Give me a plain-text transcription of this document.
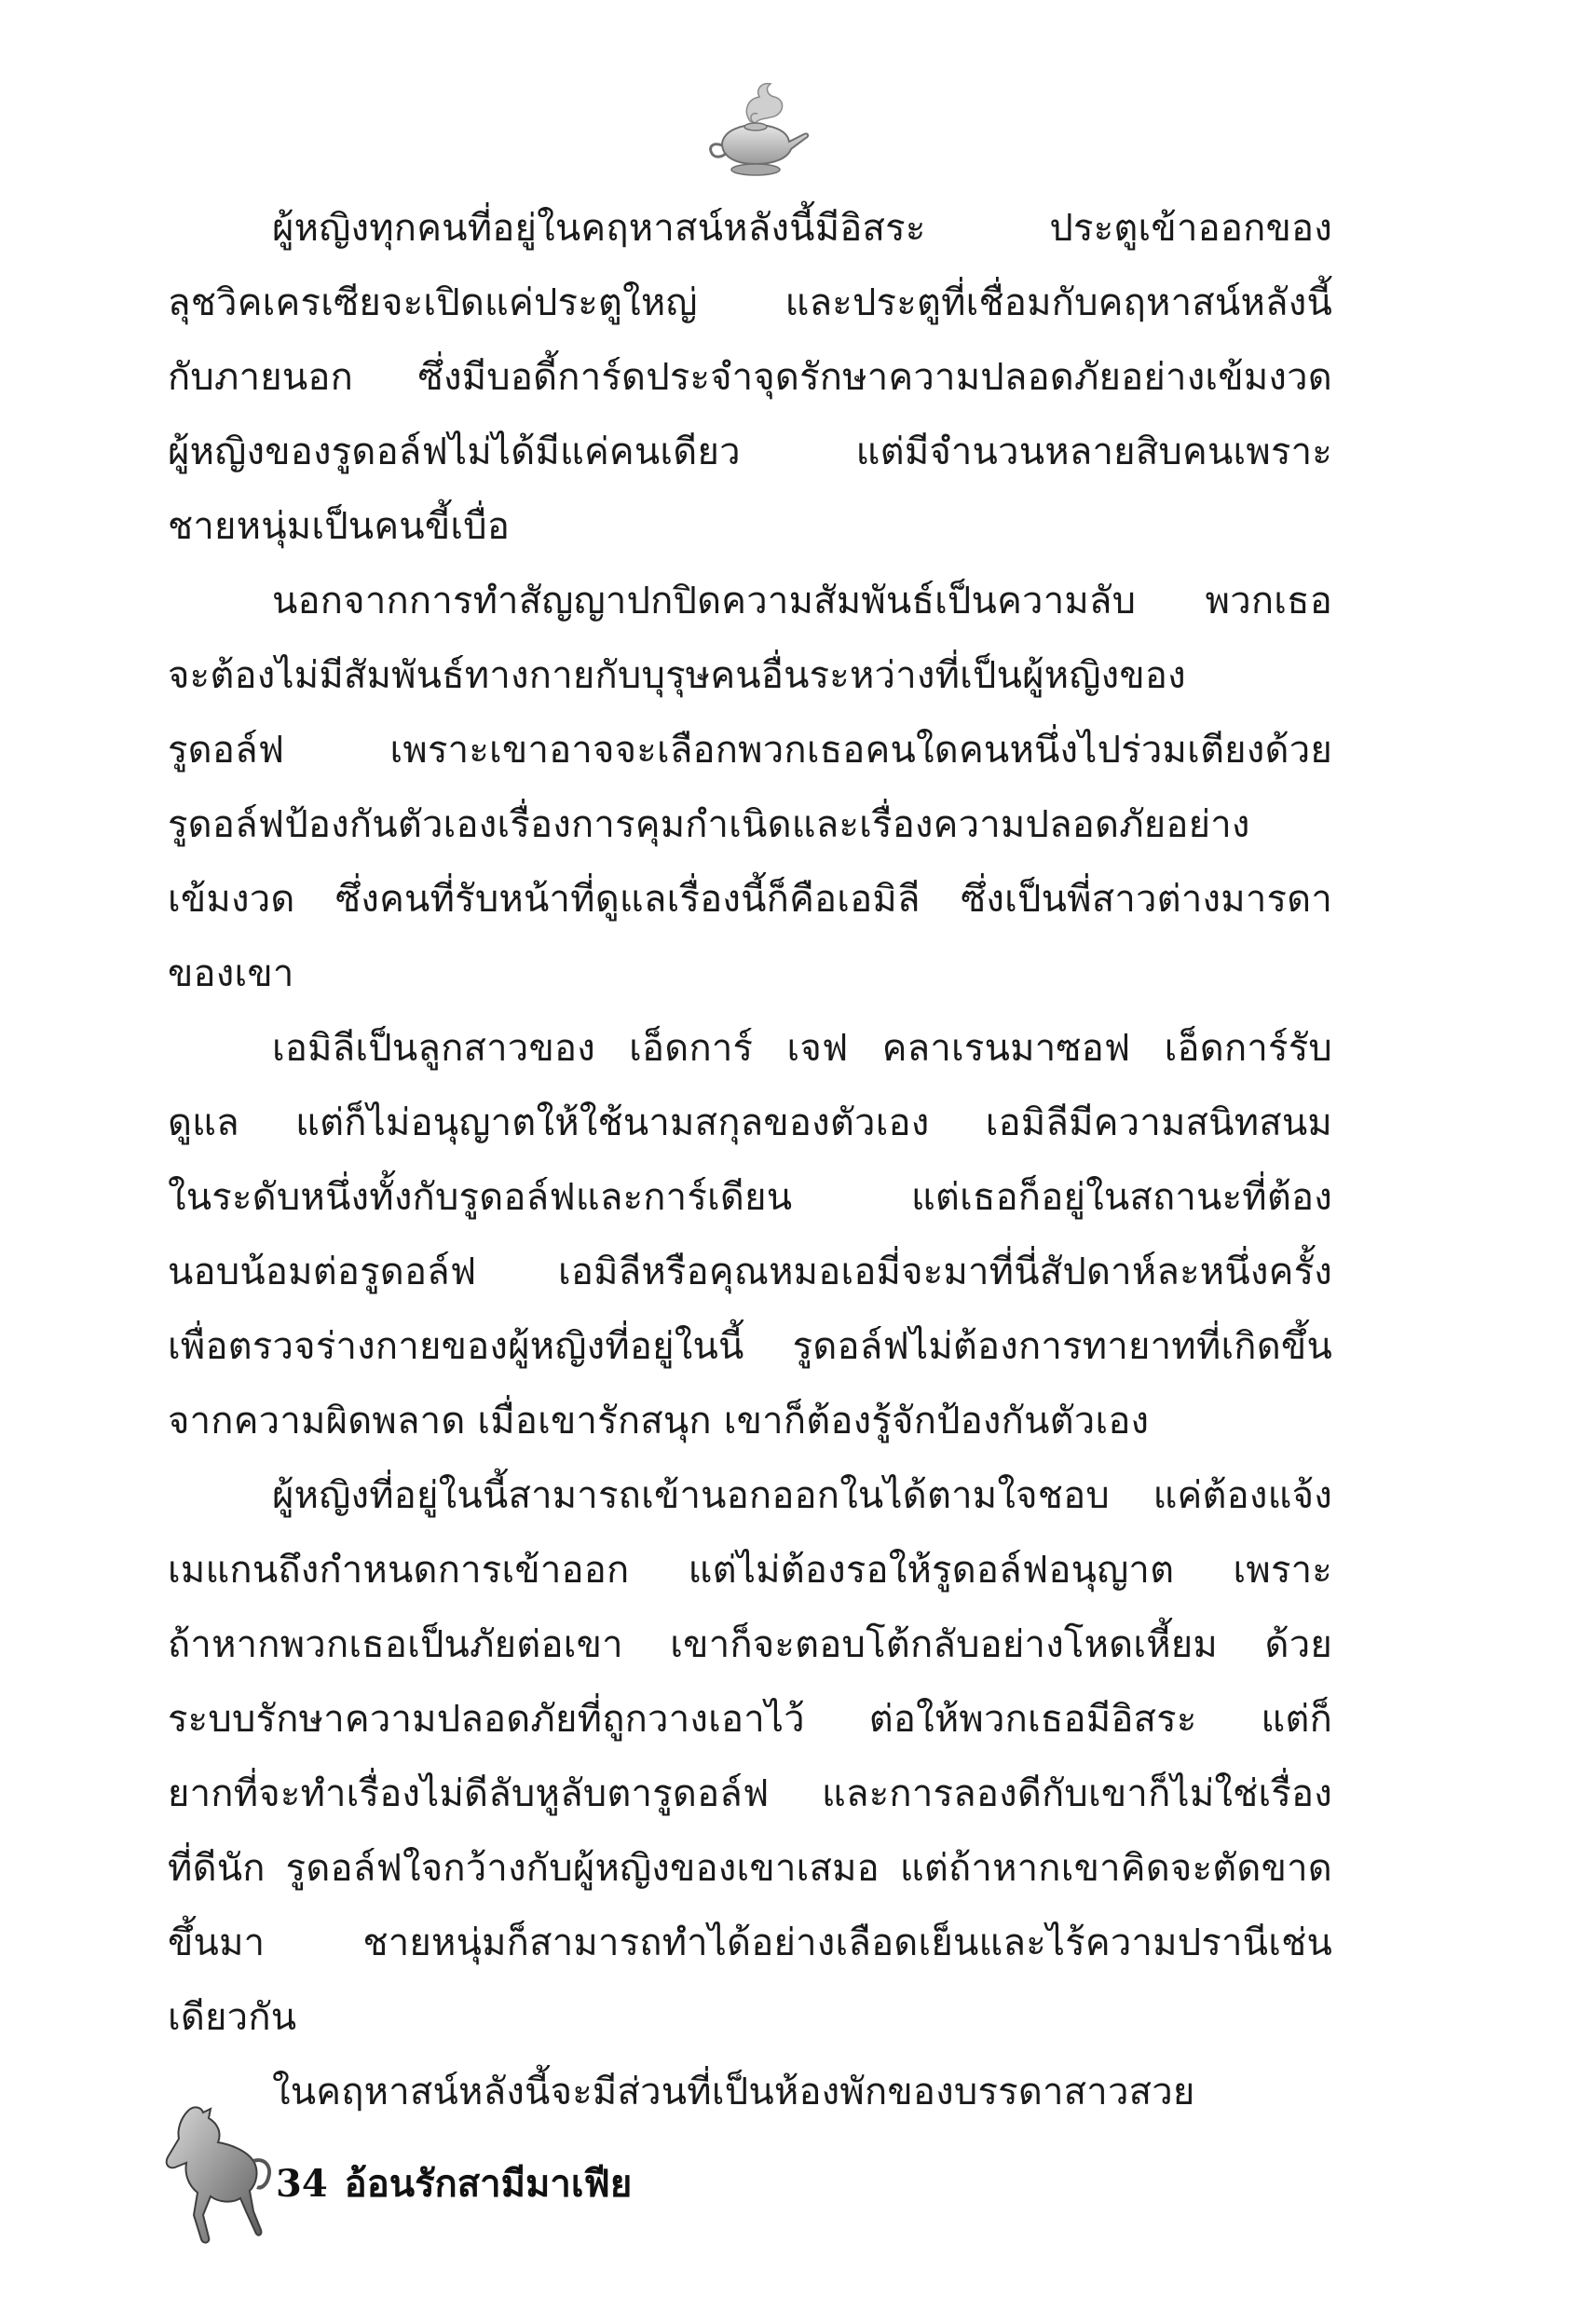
ผู้หญิงทุกคนที่อยู่ในคฤหาสน์หลังนี้มีอิสระ ประตูเข้าออกของ
ลุชวิคเครเซียจะเปิดแค่ประตูใหญ่ และประตูที่เชื่อมกับคฤหาสน์หลังนี้
กับภายนอก ซึ่งมีบอดี้การ์ดประจำจุดรักษาความปลอดภัยอย่างเข้มงวด
ผู้หญิงของรูดอล์ฟไม่ได้มีแค่คนเดียว แต่มีจำนวนหลายสิบคนเพราะ
ชายหนุ่มเป็นคนขี้เบื่อ
นอกจากการทำสัญญาปกปิดความสัมพันธ์เป็นความลับ พวกเธอ
จะต้องไม่มีสัมพันธ์ทางกายกับบุรุษคนอื่นระหว่างที่เป็นผู้หญิงของ
รูดอล์ฟ เพราะเขาอาจจะเลือกพวกเธอคนใดคนหนึ่งไปร่วมเตียงด้วย
รูดอล์ฟป้องกันตัวเองเรื่องการคุมกำเนิดและเรื่องความปลอดภัยอย่าง
เข้มงวด ซึ่งคนที่รับหน้าที่ดูแลเรื่องนี้ก็คือเอมิลี ซึ่งเป็นพี่สาวต่างมารดา
ของเขา
เอมิลีเป็นลูกสาวของ เอ็ดการ์ เจฟ คลาเรนมาซอฟ เอ็ดการ์รับ
ดูแล แต่ก็ไม่อนุญาตให้ใช้นามสกุลของตัวเอง เอมิลีมีความสนิทสนม
ในระดับหนึ่งทั้งกับรูดอล์ฟและการ์เดียน แต่เธอก็อยู่ในสถานะที่ต้อง
นอบน้อมต่อรูดอล์ฟ เอมิลีหรือคุณหมอเอมี่จะมาที่นี่สัปดาห์ละหนึ่งครั้ง
เพื่อตรวจร่างกายของผู้หญิงที่อยู่ในนี้ รูดอล์ฟไม่ต้องการทายาทที่เกิดขึ้น
จากความผิดพลาด เมื่อเขารักสนุก เขาก็ต้องรู้จักป้องกันตัวเอง
ผู้หญิงที่อยู่ในนี้สามารถเข้านอกออกในได้ตามใจชอบ แค่ต้องแจ้ง
เมแกนถึงกำหนดการเข้าออก แต่ไม่ต้องรอให้รูดอล์ฟอนุญาต เพราะ
ถ้าหากพวกเธอเป็นภัยต่อเขา เขาก็จะตอบโต้กลับอย่างโหดเหี้ยม ด้วย
ระบบรักษาความปลอดภัยที่ถูกวางเอาไว้ ต่อให้พวกเธอมีอิสระ แต่ก็
ยากที่จะทำเรื่องไม่ดีลับหูลับตารูดอล์ฟ และการลองดีกับเขาก็ไม่ใช่เรื่อง
ที่ดีนัก รูดอล์ฟใจกว้างกับผู้หญิงของเขาเสมอ แต่ถ้าหากเขาคิดจะตัดขาด
ขึ้นมา ชายหนุ่มก็สามารถทำได้อย่างเลือดเย็นและไร้ความปรานีเช่น
เดียวกัน
ในคฤหาสน์หลังนี้จะมีส่วนที่เป็นห้องพักของบรรดาสาวสวย
34 อ้อนรักสามีมาเฟีย
